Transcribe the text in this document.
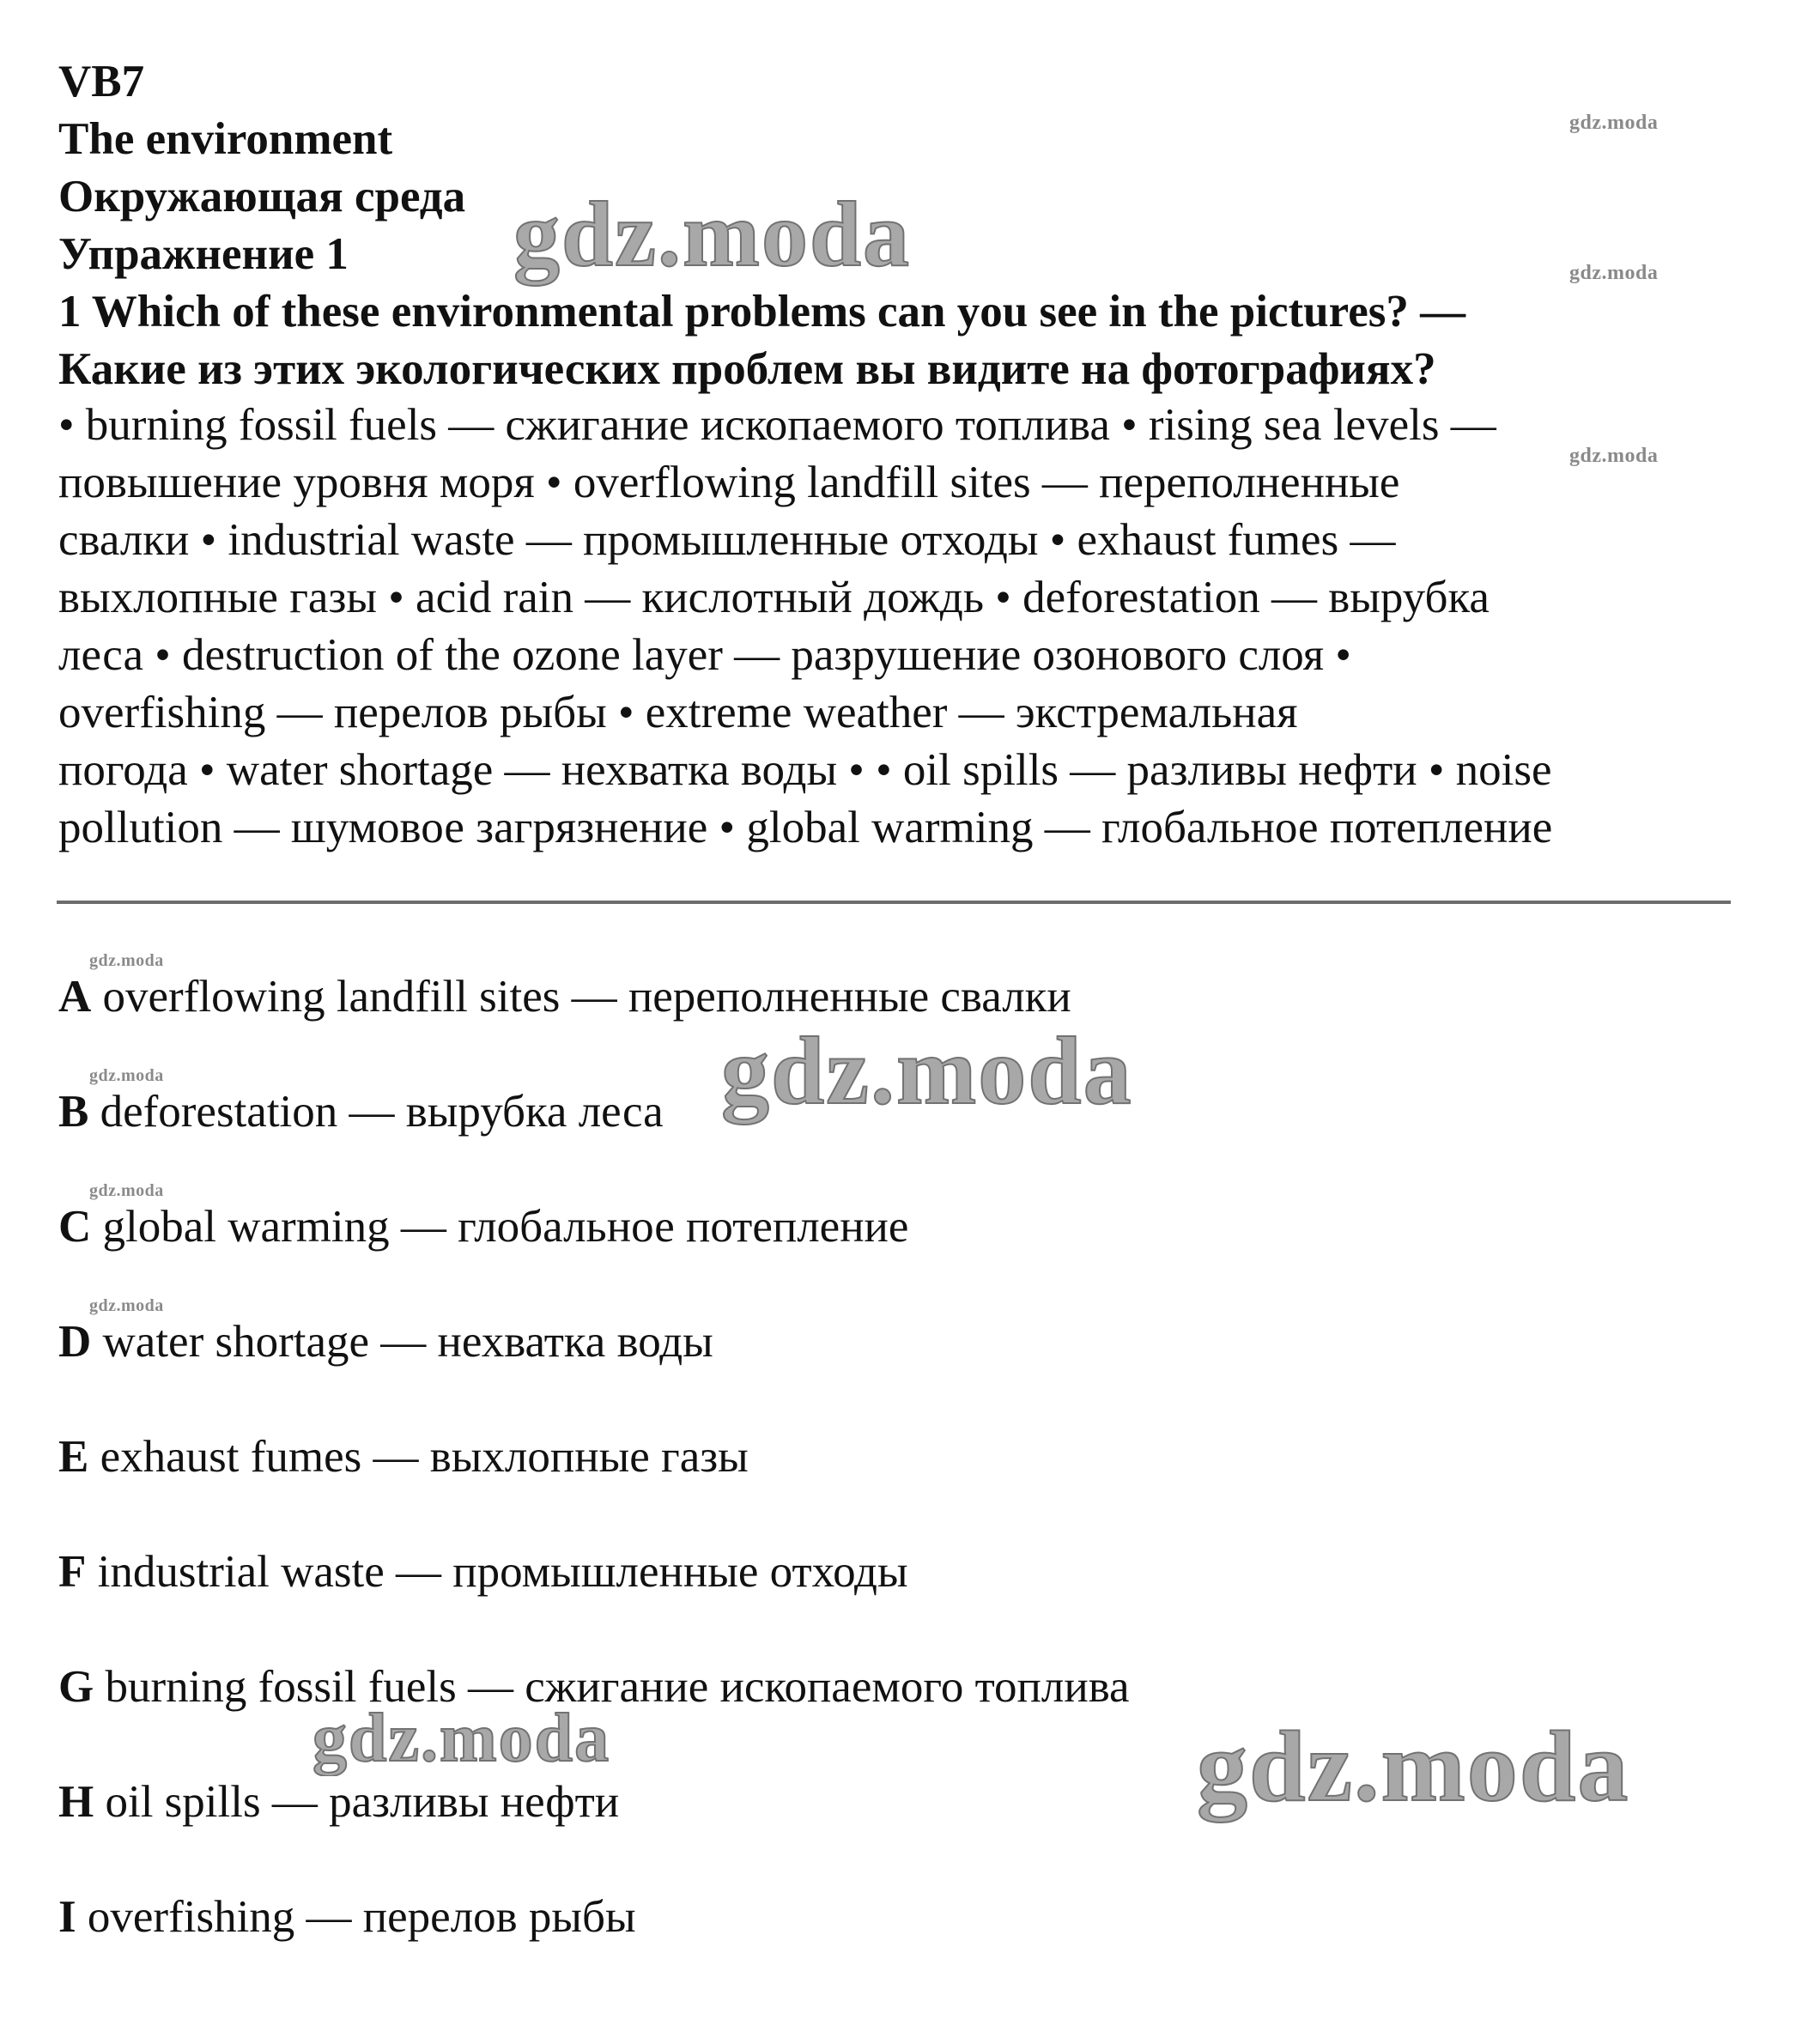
VB7
The environment
Окружающая среда
Упражнение 1
1 Which of these environmental problems can you see in the pictures? —
Какие из этих экологических проблем вы видите на фотографиях?
• burning fossil fuels — сжигание ископаемого топлива • rising sea levels —
повышение уровня моря • overflowing landfill sites — переполненные
свалки • industrial waste — промышленные отходы • exhaust fumes —
выхлопные газы • acid rain — кислотный дождь • deforestation — вырубка
леса • destruction of the ozone layer — разрушение озонового слоя •
overfishing — перелов рыбы • extreme weather — экстремальная
погода • water shortage — нехватка воды • • oil spills — разливы нефти • noise
pollution — шумовое загрязнение • global warming — глобальное потепление
A overflowing landfill sites — переполненные свалки
B deforestation — вырубка леса
C global warming — глобальное потепление
D water shortage — нехватка воды
E exhaust fumes — выхлопные газы
F industrial waste — промышленные отходы
G burning fossil fuels — сжигание ископаемого топлива
H oil spills — разливы нефти
I overfishing — перелов рыбы
gdz.moda
gdz.moda
gdz.moda
gdz.moda
gdz.moda
gdz.moda
gdz.moda
gdz.moda
gdz.moda
gdz.moda	gdz.moda
